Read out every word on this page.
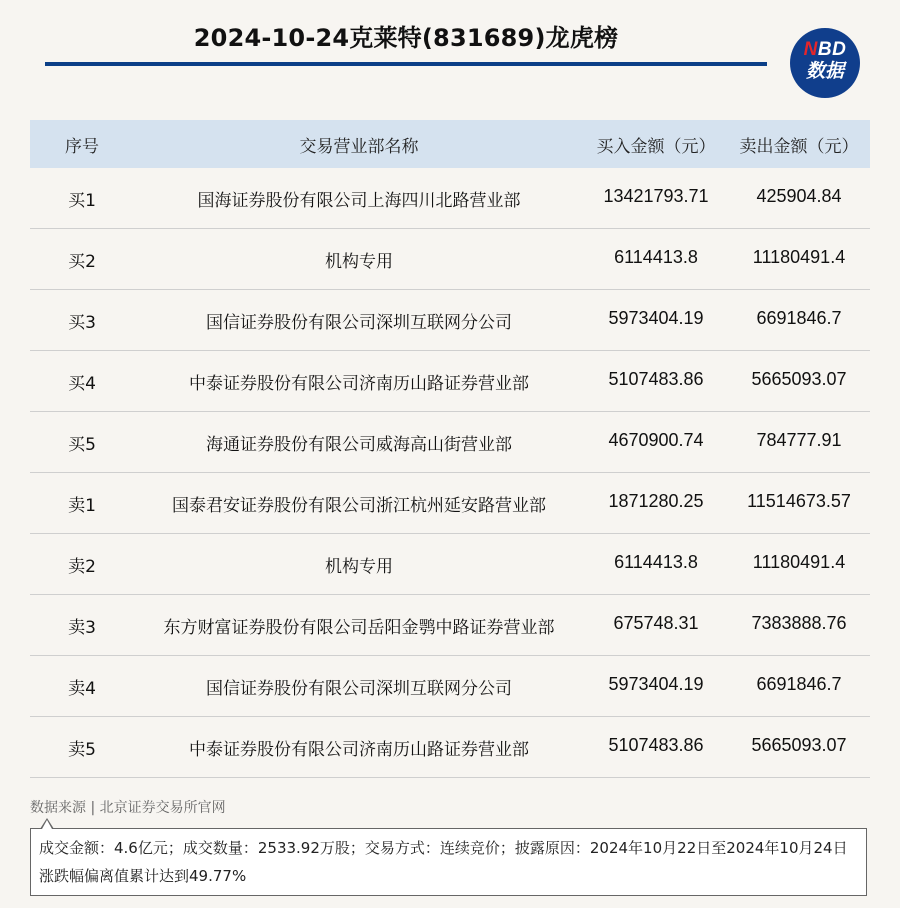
2024-10-24克莱特(831689)龙虎榜	NBD
数据
序号	交易营业部名称	买入金额（元）	卖出金额（元）
买1	国海证券股份有限公司上海四川北路营业部	13421793.71	425904.84
买2	机构专用	6114413.8	11180491.4
买3	国信证券股份有限公司深圳互联网分公司	5973404.19	6691846.7
买4	中泰证券股份有限公司济南历山路证券营业部	5107483.86	5665093.07
买5	海通证券股份有限公司威海高山街营业部	4670900.74	784777.91
卖1	国泰君安证券股份有限公司浙江杭州延安路营业部	1871280.25	11514673.57
卖2	机构专用	6114413.8	11180491.4
卖3	东方财富证券股份有限公司岳阳金鹗中路证券营业部	675748.31	7383888.76
卖4	国信证券股份有限公司深圳互联网分公司	5973404.19	6691846.7
卖5	中泰证券股份有限公司济南历山路证券营业部	5107483.86	5665093.07
数据来源 | 北京证券交易所官网
成交金额：4.6亿元；成交数量：2533.92万股；交易方式：连续竞价；披露原因：2024年10月22日至2024年10月24日涨跌幅偏离值累计达到49.77%
